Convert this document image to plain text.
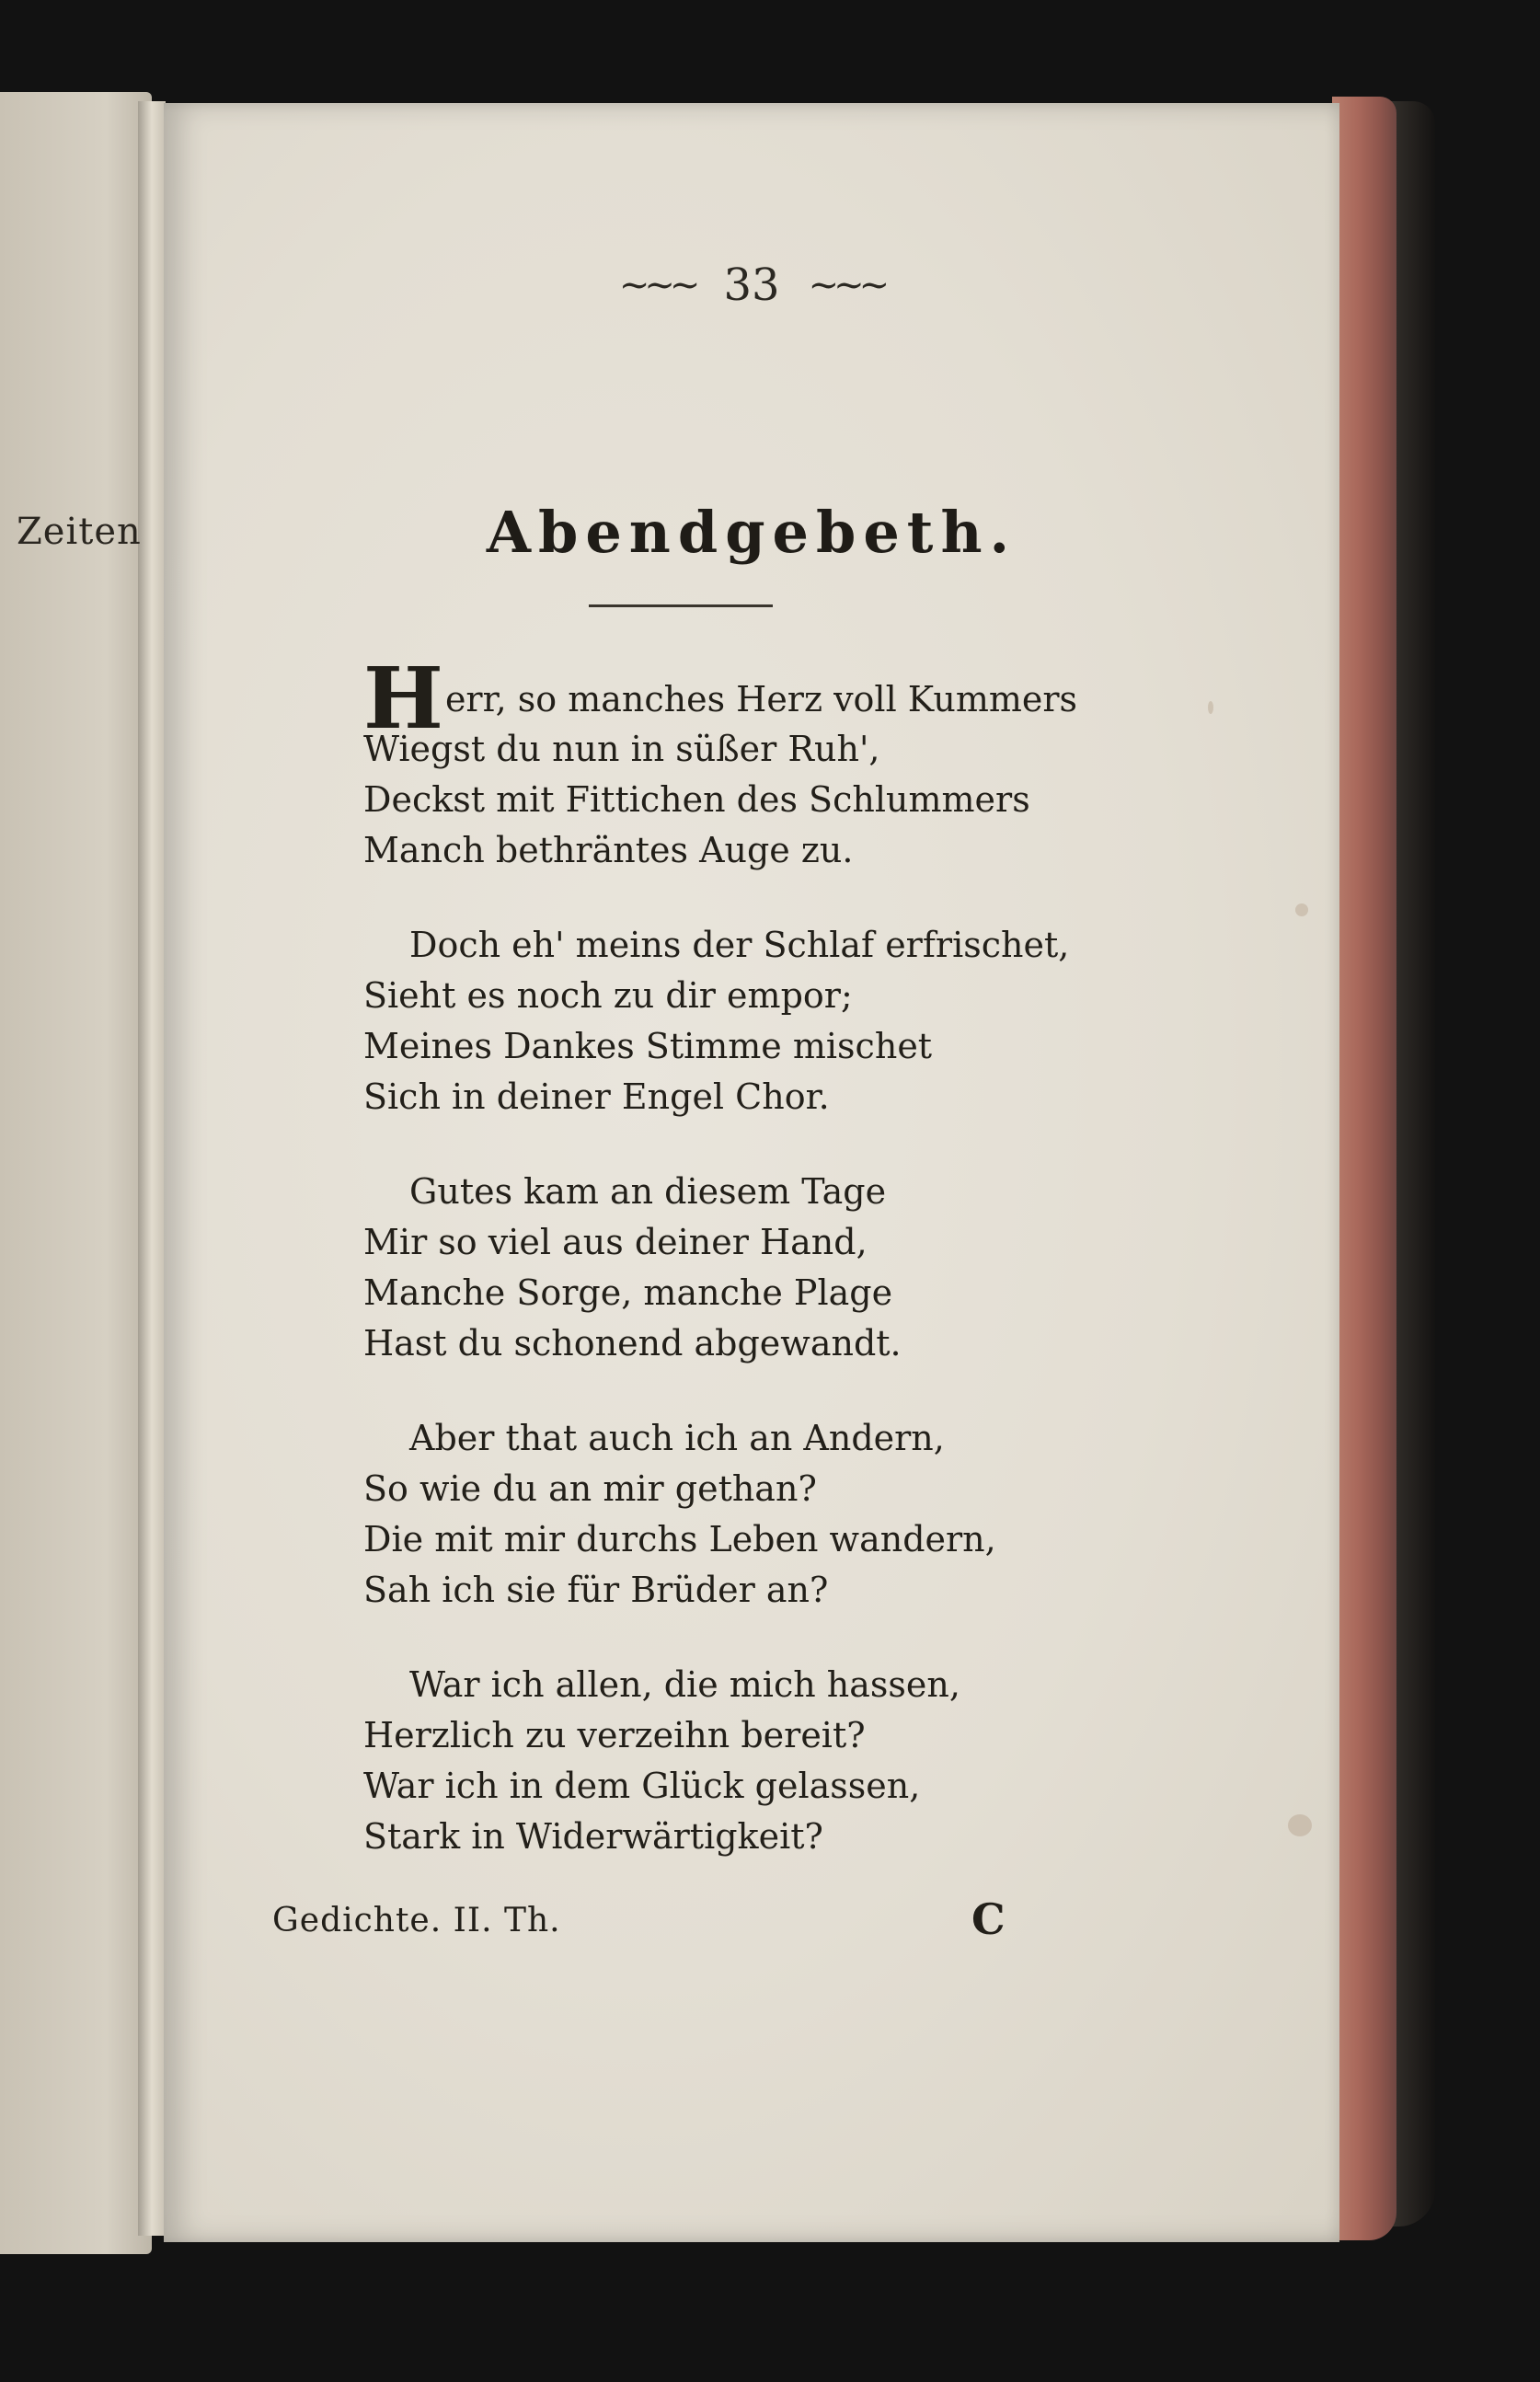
Zeiten
~~~ 33 ~~~
Abendgebeth.
Herr, so manches Herz voll Kummers
Wiegst du nun in süßer Ruh',
Deckst mit Fittichen des Schlummers
Manch bethräntes Auge zu.
Doch eh' meins der Schlaf erfrischet,
Sieht es noch zu dir empor;
Meines Dankes Stimme mischet
Sich in deiner Engel Chor.
Gutes kam an diesem Tage
Mir so viel aus deiner Hand,
Manche Sorge, manche Plage
Hast du schonend abgewandt.
Aber that auch ich an Andern,
So wie du an mir gethan?
Die mit mir durchs Leben wandern,
Sah ich sie für Brüder an?
War ich allen, die mich hassen,
Herzlich zu verzeihn bereit?
War ich in dem Glück gelassen,
Stark in Widerwärtigkeit?
Gedichte. II. Th.	C
